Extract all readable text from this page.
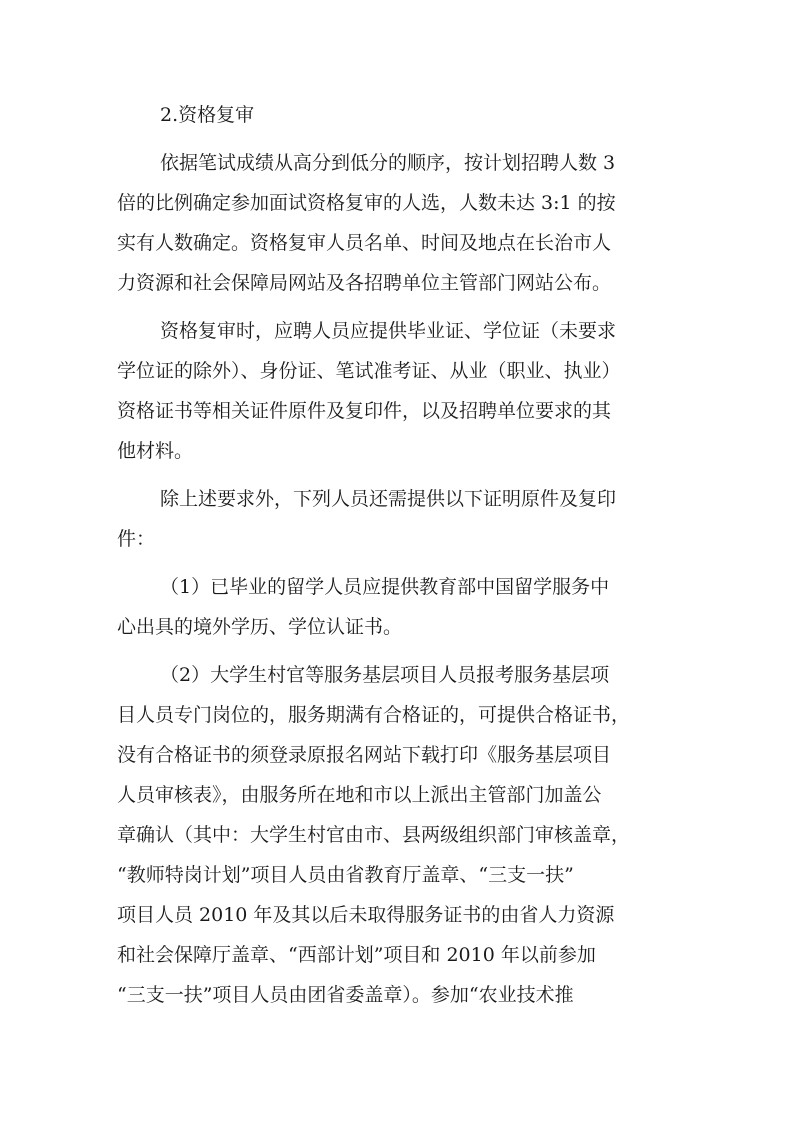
2.资格复审
依据笔试成绩从高分到低分的顺序，按计划招聘人数 3
倍的比例确定参加面试资格复审的人选，人数未达 3:1 的按
实有人数确定。资格复审人员名单、时间及地点在长治市人
力资源和社会保障局网站及各招聘单位主管部门网站公布。
资格复审时，应聘人员应提供毕业证、学位证（未要求
学位证的除外）、身份证、笔试准考证、从业（职业、执业）
资格证书等相关证件原件及复印件，以及招聘单位要求的其
他材料。
除上述要求外，下列人员还需提供以下证明原件及复印
件：
（1）已毕业的留学人员应提供教育部中国留学服务中
心出具的境外学历、学位认证书。
（2）大学生村官等服务基层项目人员报考服务基层项
目人员专门岗位的，服务期满有合格证的，可提供合格证书，
没有合格证书的须登录原报名网站下载打印《服务基层项目
人员审核表》，由服务所在地和市以上派出主管部门加盖公
章确认（其中：大学生村官由市、县两级组织部门审核盖章，
“教师特岗计划”项目人员由省教育厅盖章、“三支一扶”
项目人员 2010 年及其以后未取得服务证书的由省人力资源
和社会保障厅盖章、“西部计划”项目和 2010 年以前参加
“三支一扶”项目人员由团省委盖章）。参加“农业技术推
